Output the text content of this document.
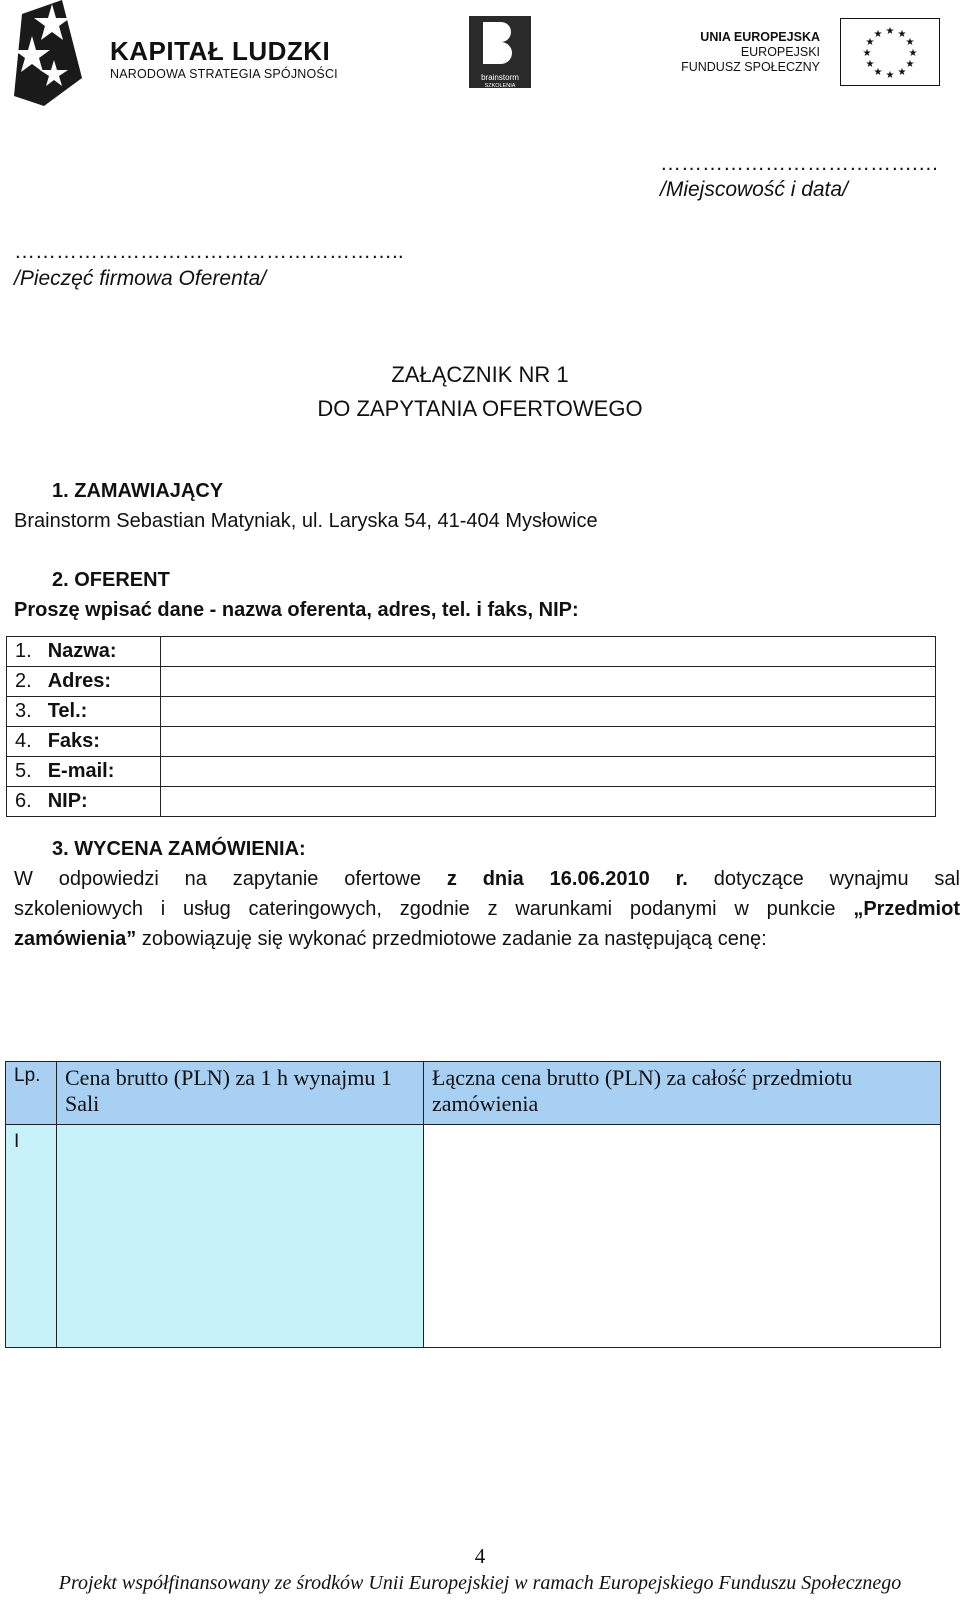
KAPITAŁ LUDZKI
NARODOWA STRATEGIA SPÓJNOŚCI	brainstorm
SZKOLENIA
UNIA EUROPEJSKA
EUROPEJSKI
FUNDUSZ SPOŁECZNY
★ ★
★
★
★
★
★
★
★
★
★
★
……………………………….…
/Miejscowość i data/
………………………………………………..
/Pieczęć firmowa Oferenta/
ZAŁĄCZNIK NR 1
DO ZAPYTANIA OFERTOWEGO
1. ZAMAWIAJĄCY
Brainstorm Sebastian Matyniak, ul. Laryska 54, 41-404 Mysłowice
2. OFERENT
Proszę wpisać dane - nazwa oferenta, adres, tel. i faks, NIP:
1. Nazwa:	
2. Adres:	
3. Tel.:	
4. Faks:	
5. E-mail:	
6. NIP:	
3. WYCENA ZAMÓWIENIA:
W odpowiedzi na zapytanie ofertowe z dnia 16.06.2010 r. dotyczące wynajmu sal
szkoleniowych i usług cateringowych, zgodnie z warunkami podanymi w punkcie „Przedmiot
zamówienia” zobowiązuję się wykonać przedmiotowe zadanie za następującą cenę:
Lp.	Cena brutto (PLN) za 1 h wynajmu 1 Sali	Łączna cena brutto (PLN) za całość przedmiotu zamówienia
I		
4
Projekt współfinansowany ze środków Unii Europejskiej w ramach Europejskiego Funduszu Społecznego
